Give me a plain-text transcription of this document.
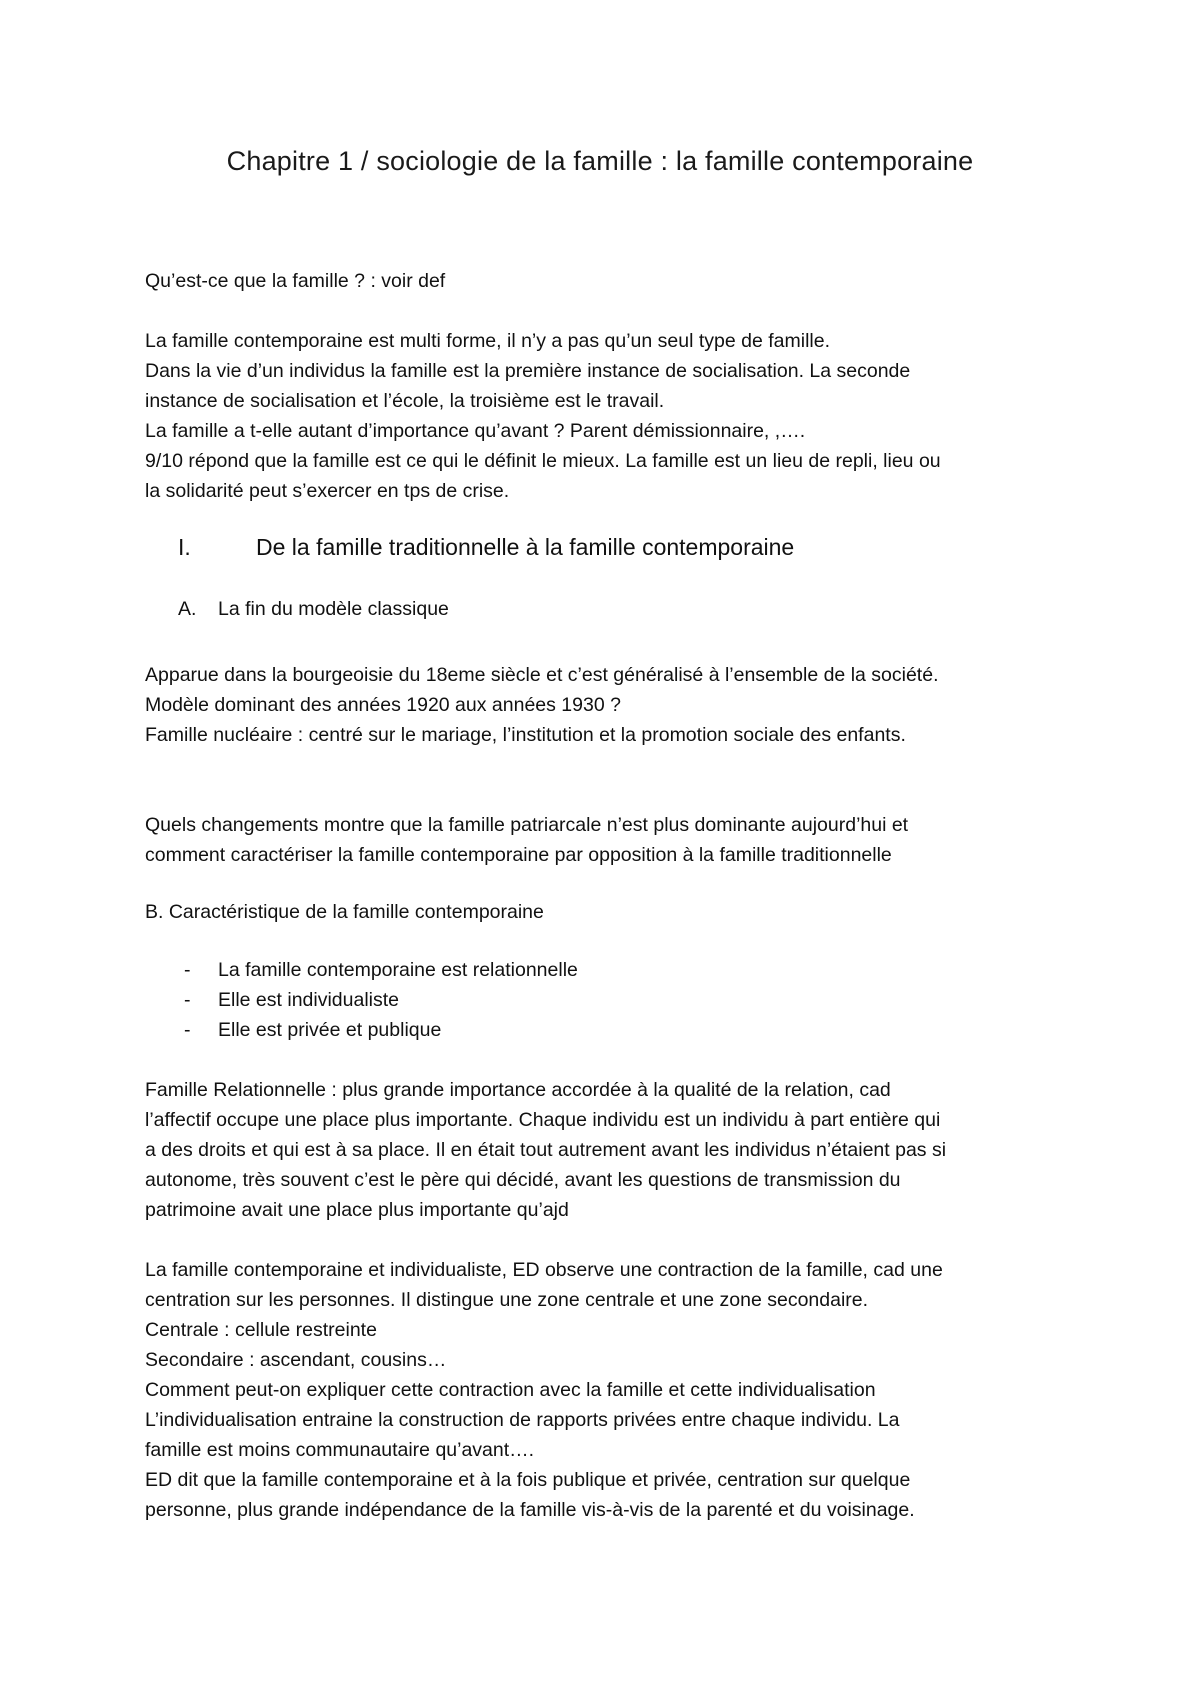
Chapitre 1 / sociologie de la famille : la famille contemporaine
Qu’est-ce que la famille ? : voir def
La famille contemporaine est multi forme, il n’y a pas qu’un seul type de famille.
Dans la vie d’un individus la famille est la première instance de socialisation. La seconde
instance de socialisation et l’école, la troisième est le travail.
La famille a t-elle autant d’importance qu’avant ? Parent démissionnaire, ,….
9/10 répond que la famille est ce qui le définit le mieux. La famille est un lieu de repli, lieu ou
la solidarité peut s’exercer en tps de crise.
I.	De la famille traditionnelle à la famille contemporaine
A. La fin du modèle classique
Apparue dans la bourgeoisie du 18eme siècle et c’est généralisé à l’ensemble de la société.
Modèle dominant des années 1920 aux années 1930 ?
Famille nucléaire : centré sur le mariage, l’institution et la promotion sociale des enfants.
Quels changements montre que la famille patriarcale n’est plus dominante aujourd’hui et
comment caractériser la famille contemporaine par opposition à la famille traditionnelle
B. Caractéristique de la famille contemporaine
- La famille contemporaine est relationnelle
- Elle est individualiste
- Elle est privée et publique
Famille Relationnelle : plus grande importance accordée à la qualité de la relation, cad
l’affectif occupe une place plus importante. Chaque individu est un individu à part entière qui
a des droits et qui est à sa place. Il en était tout autrement avant les individus n’étaient pas si
autonome, très souvent c’est le père qui décidé, avant les questions de transmission du
patrimoine avait une place plus importante qu’ajd
La famille contemporaine et individualiste, ED observe une contraction de la famille, cad une
centration sur les personnes. Il distingue une zone centrale et une zone secondaire.
Centrale : cellule restreinte
Secondaire : ascendant, cousins…
Comment peut-on expliquer cette contraction avec la famille et cette individualisation
L’individualisation entraine la construction de rapports privées entre chaque individu. La
famille est moins communautaire qu’avant….
ED dit que la famille contemporaine et à la fois publique et privée, centration sur quelque
personne, plus grande indépendance de la famille vis-à-vis de la parenté et du voisinage.
